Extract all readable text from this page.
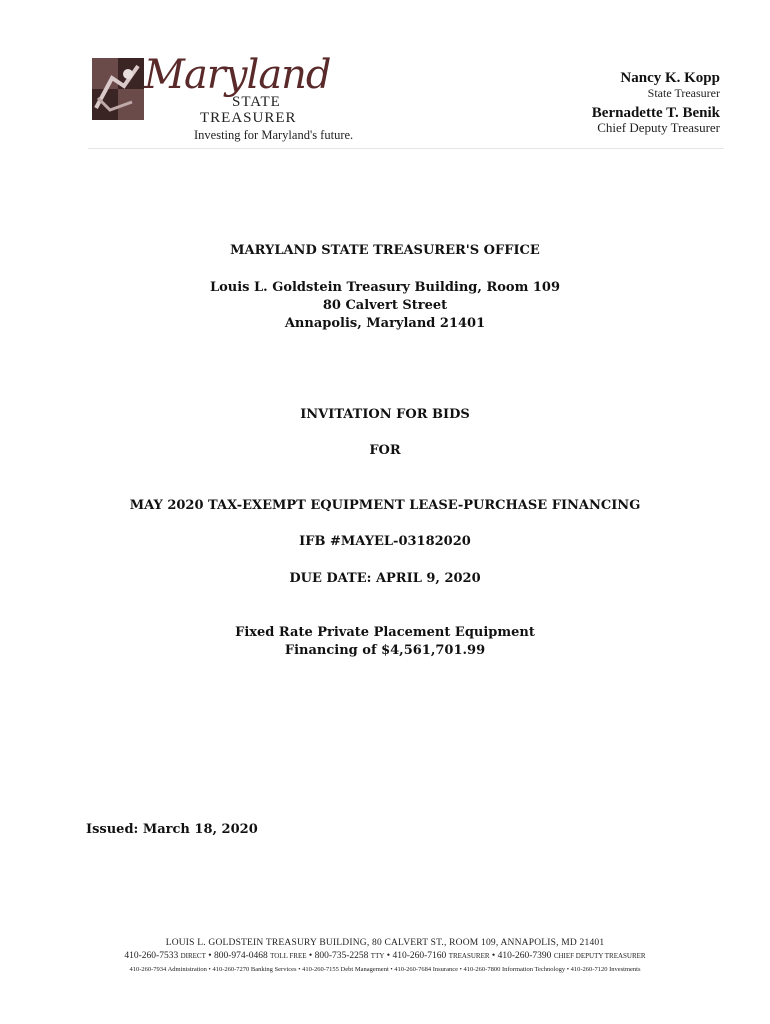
Maryland
STATE
TREASURER
Investing for Maryland's future.
Nancy K. Kopp
State Treasurer
Bernadette T. Benik
Chief Deputy Treasurer
MARYLAND STATE TREASURER'S OFFICE
Louis L. Goldstein Treasury Building, Room 109
80 Calvert Street
Annapolis, Maryland 21401
INVITATION FOR BIDS
FOR
MAY 2020 TAX-EXEMPT EQUIPMENT LEASE-PURCHASE FINANCING
IFB #MAYEL-03182020
DUE DATE: APRIL 9, 2020
Fixed Rate Private Placement Equipment
Financing of $4,561,701.99
Issued: March 18, 2020
LOUIS L. GOLDSTEIN TREASURY BUILDING, 80 CALVERT ST., ROOM 109, ANNAPOLIS, MD 21401
410-260-7533 DIRECT • 800-974-0468 TOLL FREE • 800-735-2258 TTY • 410-260-7160 TREASURER • 410-260-7390 CHIEF DEPUTY TREASURER
410-260-7934 Administration • 410-260-7270 Banking Services • 410-260-7155 Debt Management • 410-260-7684 Insurance • 410-260-7800 Information Technology • 410-260-7120 Investments
